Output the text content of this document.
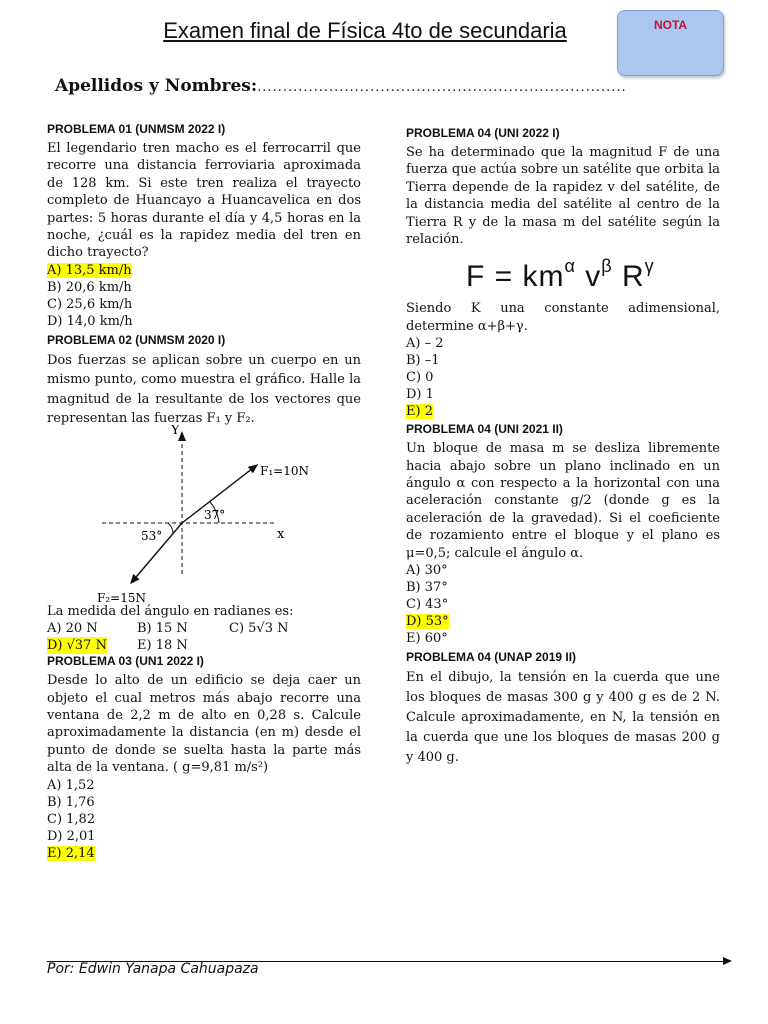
Examen final de Física 4to de secundaria	NOTA
Apellidos y Nombres:........................................................................

PROBLEMA 01 (UNMSM 2022 I)

El legendario tren macho es el ferrocarril que recorre una distancia ferroviaria aproximada de 128 km. Si este tren realiza el trayecto completo de Huancayo a Huancavelica en dos partes: 5 horas durante el día y 4,5 horas en la noche, ¿cuál es la rapidez media del tren en dicho trayecto?

A) 13,5 km/h

B) 20,6 km/h

C) 25,6 km/h

D) 14,0 km/h

PROBLEMA 02 (UNMSM 2020 I)

Dos fuerzas se aplican sobre un cuerpo en un mismo punto, como muestra el gráfico. Halle la magnitud de la resultante de los vectores que representan las fuerzas F₁ y F₂.

Y
x
F₁=10N
F₂=15N
37°
53°

La medida del ángulo en radianes es:

A) 20 N	B) 15 N	C) 5√3 N
D) √37 N	E) 18 N

PROBLEMA 03 (UN1 2022 I)

Desde lo alto de un edificio se deja caer un objeto el cual metros más abajo recorre una ventana de 2,2 m de alto en 0,28 s. Calcule aproximadamente la distancia (en m) desde el punto de donde se suelta hasta la parte más alta de la ventana. ( g=9,81 m/s²)

A) 1,52

B) 1,76

C) 1,82

D) 2,01

E) 2,14

PROBLEMA 04 (UNI 2022 I)

Se ha determinado que la magnitud F de una fuerza que actúa sobre un satélite que orbita la Tierra depende de la rapidez v del satélite, de la distancia media del satélite al centro de la Tierra R y de la masa m del satélite según la relación.

$F = km^\alpha$ $v^\beta$ $R^\gamma$

Siendo K una constante adimensional, determine α+β+γ.

A) – 2

B) –1

C) 0

D) 1

E) 2

PROBLEMA 04 (UNI 2021 II)

Un bloque de masa m se desliza libremente hacia abajo sobre un plano inclinado en un ángulo α con respecto a la horizontal con una aceleración constante g/2 (donde g es la aceleración de la gravedad). Si el coeficiente de rozamiento entre el bloque y el plano es μ=0,5; calcule el ángulo α.

A) 30°

B) 37°

C) 43°

D) 53°

E) 60°

PROBLEMA 04 (UNAP 2019 II)

En el dibujo, la tensión en la cuerda que une los bloques de masas 300 g y 400 g es de 2 N. Calcule aproximadamente, en N, la tensión en la cuerda que une los bloques de masas 200 g y 400 g.

Por: Edwin Yanapa Cahuapaza
